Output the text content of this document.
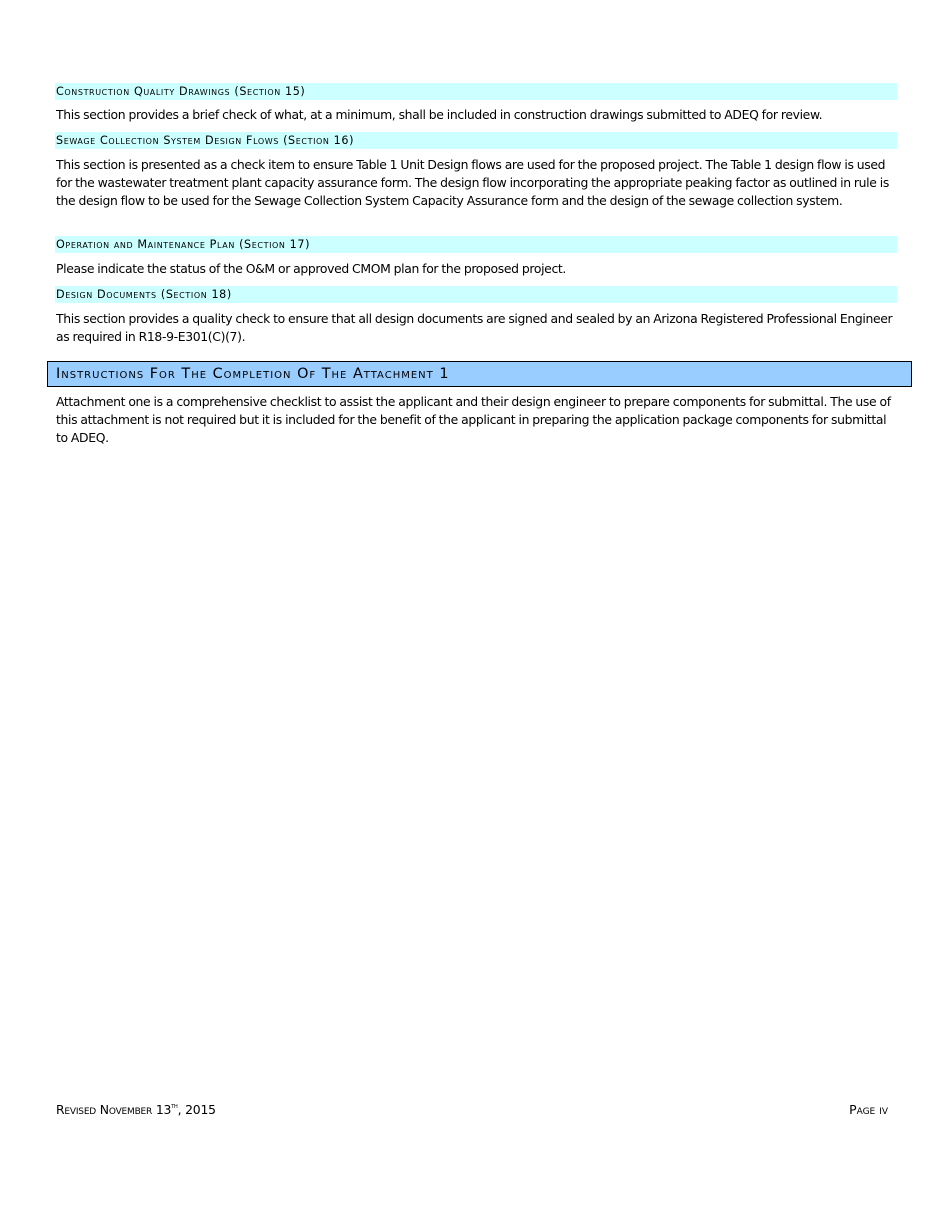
Construction Quality Drawings (Section 15)
This section provides a brief check of what, at a minimum, shall be included in construction drawings submitted to ADEQ for review.
Sewage Collection System Design Flows (Section 16)
This section is presented as a check item to ensure Table 1 Unit Design flows are used for the proposed project. The Table 1 design flow is used for the wastewater treatment plant capacity assurance form. The design flow incorporating the appropriate peaking factor as outlined in rule is the design flow to be used for the Sewage Collection System Capacity Assurance form and the design of the sewage collection system.
Operation and Maintenance Plan (Section 17)
Please indicate the status of the O&M or approved CMOM plan for the proposed project.
Design Documents (Section 18)
This section provides a quality check to ensure that all design documents are signed and sealed by an Arizona Registered Professional Engineer as required in R18-9-E301(C)(7).
Instructions For The Completion Of The Attachment 1
Attachment one is a comprehensive checklist to assist the applicant and their design engineer to prepare components for submittal. The use of this attachment is not required but it is included for the benefit of the applicant in preparing the application package components for submittal to ADEQ.
Revised November 13th, 2015	Page iv
